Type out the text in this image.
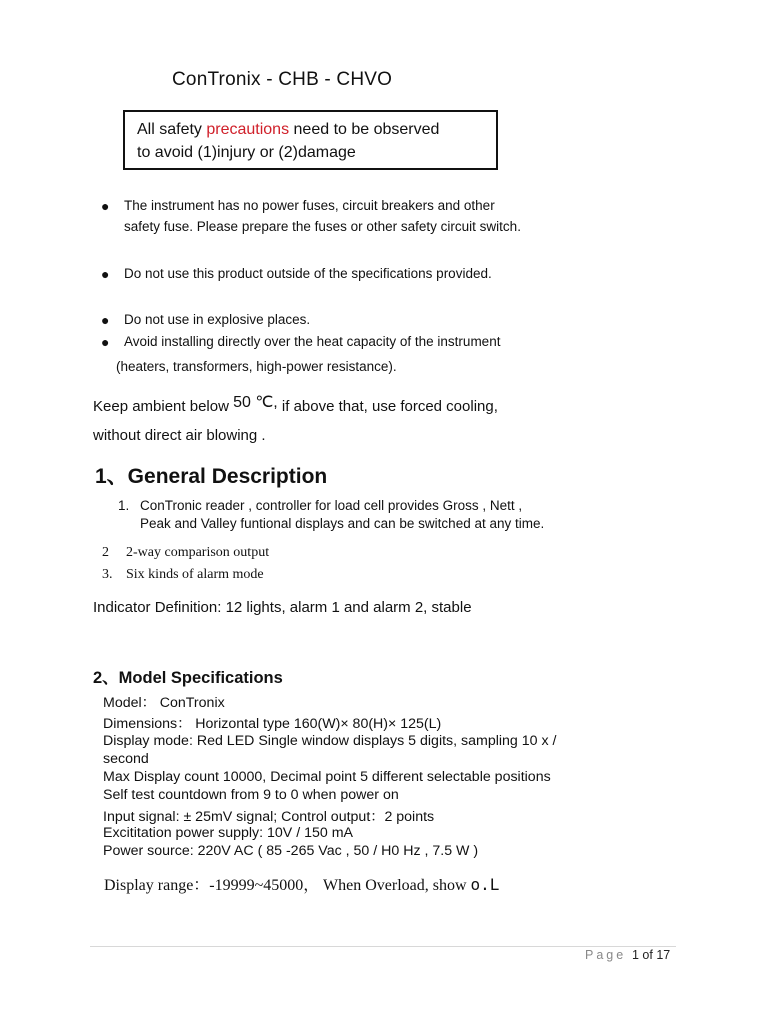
ConTronix - CHB - CHVO
All safety precautions need to be observed
to avoid (1)injury or (2)damage
● The instrument has no power fuses, circuit breakers and other
safety fuse. Please prepare the fuses or other safety circuit switch.
● Do not use this product outside of the specifications provided.
● Do not use in explosive places.
● Avoid installing directly over the heat capacity of the instrument
(heaters, transformers, high-power resistance).
Keep ambient below 50 ℃, if above that, use forced cooling,
without direct air blowing .
1、General Description
1. ConTronic reader , controller for load cell provides Gross , Nett ,
Peak and Valley funtional displays and can be switched at any time.
2 2-way comparison output
3. Six kinds of alarm mode
Indicator Definition: 12 lights, alarm 1 and alarm 2, stable
2、Model Specifications
Model： ConTronix
Dimensions： Horizontal type 160(W)× 80(H)× 125(L)
Display mode: Red LED Single window displays 5 digits, sampling 10 x /
second
Max Display count 10000, Decimal point 5 different selectable positions
Self test countdown from 9 to 0 when power on
Input signal: ± 25mV signal; Control output：2 points
Excititation power supply: 10V / 150 mA
Power source: 220V AC ( 85 -265 Vac , 50 / H0 Hz , 7.5 W )
Display range：-19999~45000， When Overload, show o.L
Page 1 of 17
